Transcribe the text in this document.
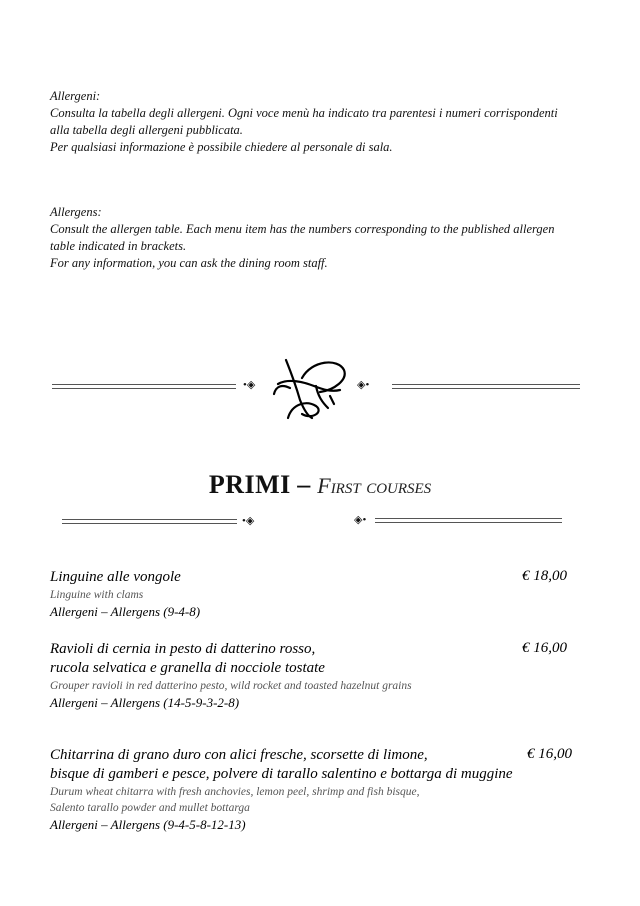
Allergeni:
Consulta la tabella degli allergeni. Ogni voce menù ha indicato tra parentesi i numeri corrispondenti
alla tabella degli allergeni pubblicata.
Per qualsiasi informazione è possibile chiedere al personale di sala.
Allergens:
Consult the allergen table. Each menu item has the numbers corresponding to the published allergen
table indicated in brackets.
For any information, you can ask the dining room staff.
•◈	◈•
PRIMI – First courses
•◈	◈•
Linguine alle vongole
Linguine with clams
Allergeni – Allergens (9-4-8)
€ 18,00
Ravioli di cernia in pesto di datterino rosso,
rucola selvatica e granella di nocciole tostate
Grouper ravioli in red datterino pesto, wild rocket and toasted hazelnut grains
Allergeni – Allergens (14-5-9-3-2-8)
€ 16,00
Chitarrina di grano duro con alici fresche, scorsette di limone,
bisque di gamberi e pesce, polvere di tarallo salentino e bottarga di muggine
Durum wheat chitarra with fresh anchovies, lemon peel, shrimp and fish bisque,
Salento tarallo powder and mullet bottarga
Allergeni – Allergens (9-4-5-8-12-13)
€ 16,00
